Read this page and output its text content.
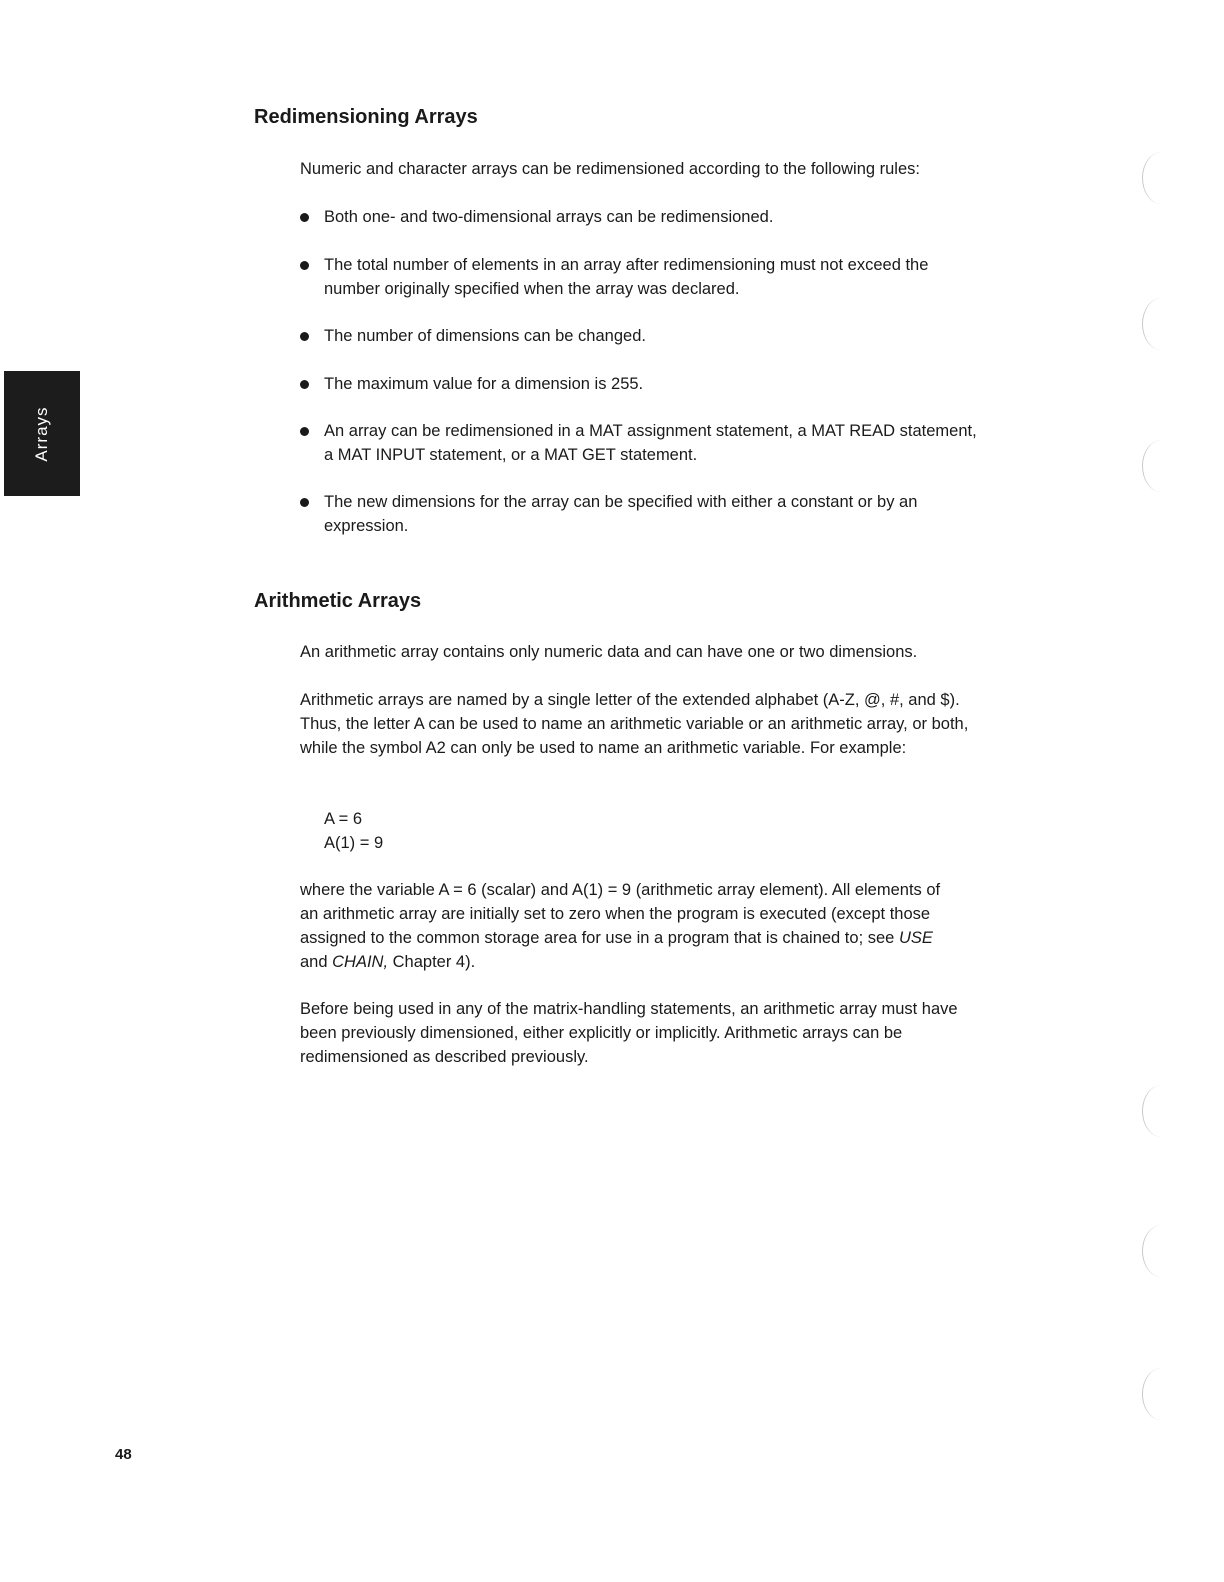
Arrays
Redimensioning Arrays

Numeric and character arrays can be redimensioned according to the following rules:

Both one- and two-dimensional arrays can be redimensioned.
The total number of elements in an array after redimensioning must not exceed the number originally specified when the array was declared.
The number of dimensions can be changed.
The maximum value for a dimension is 255.
An array can be redimensioned in a MAT assignment statement, a MAT READ statement, a MAT INPUT statement, or a MAT GET statement.
The new dimensions for the array can be specified with either a constant or by an expression.
Arithmetic Arrays

An arithmetic array contains only numeric data and can have one or two dimensions.

Arithmetic arrays are named by a single letter of the extended alphabet (A-Z, @, #, and $). Thus, the letter A can be used to name an arithmetic variable or an arithmetic array, or both, while the symbol A2 can only be used to name an arithmetic variable. For example:

A = 6
A(1) = 9

where the variable A = 6 (scalar) and A(1) = 9 (arithmetic array element). All elements of an arithmetic array are initially set to zero when the program is executed (except those assigned to the common storage area for use in a program that is chained to; see USE and CHAIN, Chapter 4).

Before being used in any of the matrix-handling statements, an arithmetic array must have been previously dimensioned, either explicitly or implicitly. Arithmetic arrays can be redimensioned as described previously.

48
